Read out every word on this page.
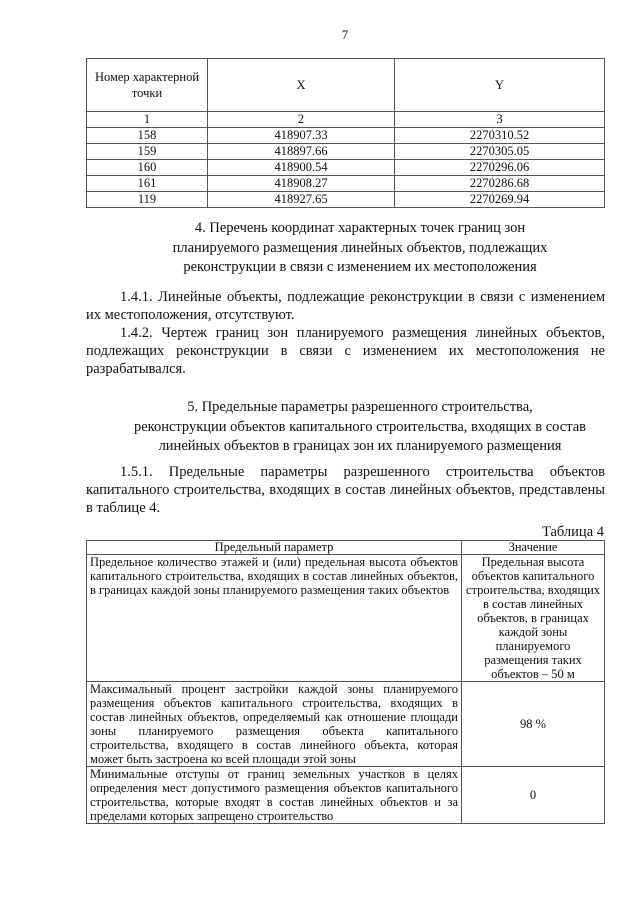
7
Номер характерной точки	X	Y
1	2	3
158	418907.33	2270310.52
159	418897.66	2270305.05
160	418900.54	2270296.06
161	418908.27	2270286.68
119	418927.65	2270269.94
4. Перечень координат характерных точек границ зон
планируемого размещения линейных объектов, подлежащих
реконструкции в связи с изменением их местоположения

1.4.1. Линейные объекты, подлежащие реконструкции в связи с изменением их местоположения, отсутствуют.

1.4.2. Чертеж границ зон планируемого размещения линейных объектов, подлежащих реконструкции в связи с изменением их местоположения не разрабатывался.

5. Предельные параметры разрешенного строительства,
реконструкции объектов капитального строительства, входящих в состав
линейных объектов в границах зон их планируемого размещения

1.5.1. Предельные параметры разрешенного строительства объектов капитального строительства, входящих в состав линейных объектов, представлены в таблице 4.

Таблица 4
Предельный параметр	Значение
Предельное количество этажей и (или) предельная высота объектов капитального строительства, входящих в состав линейных объектов, в границах каждой зоны планируемого размещения таких объектов	Предельная высота объектов капитального строительства, входящих в состав линейных объектов, в границах каждой зоны планируемого размещения таких объектов – 50 м
Максимальный процент застройки каждой зоны планируемого размещения объектов капитального строительства, входящих в состав линейных объектов, определяемый как отношение площади зоны планируемого размещения объекта капитального строительства, входящего в состав линейного объекта, которая может быть застроена ко всей площади этой зоны	98 %
Минимальные отступы от границ земельных участков в целях определения мест допустимого размещения объектов капитального строительства, которые входят в состав линейных объектов и за пределами которых запрещено строительство	0
